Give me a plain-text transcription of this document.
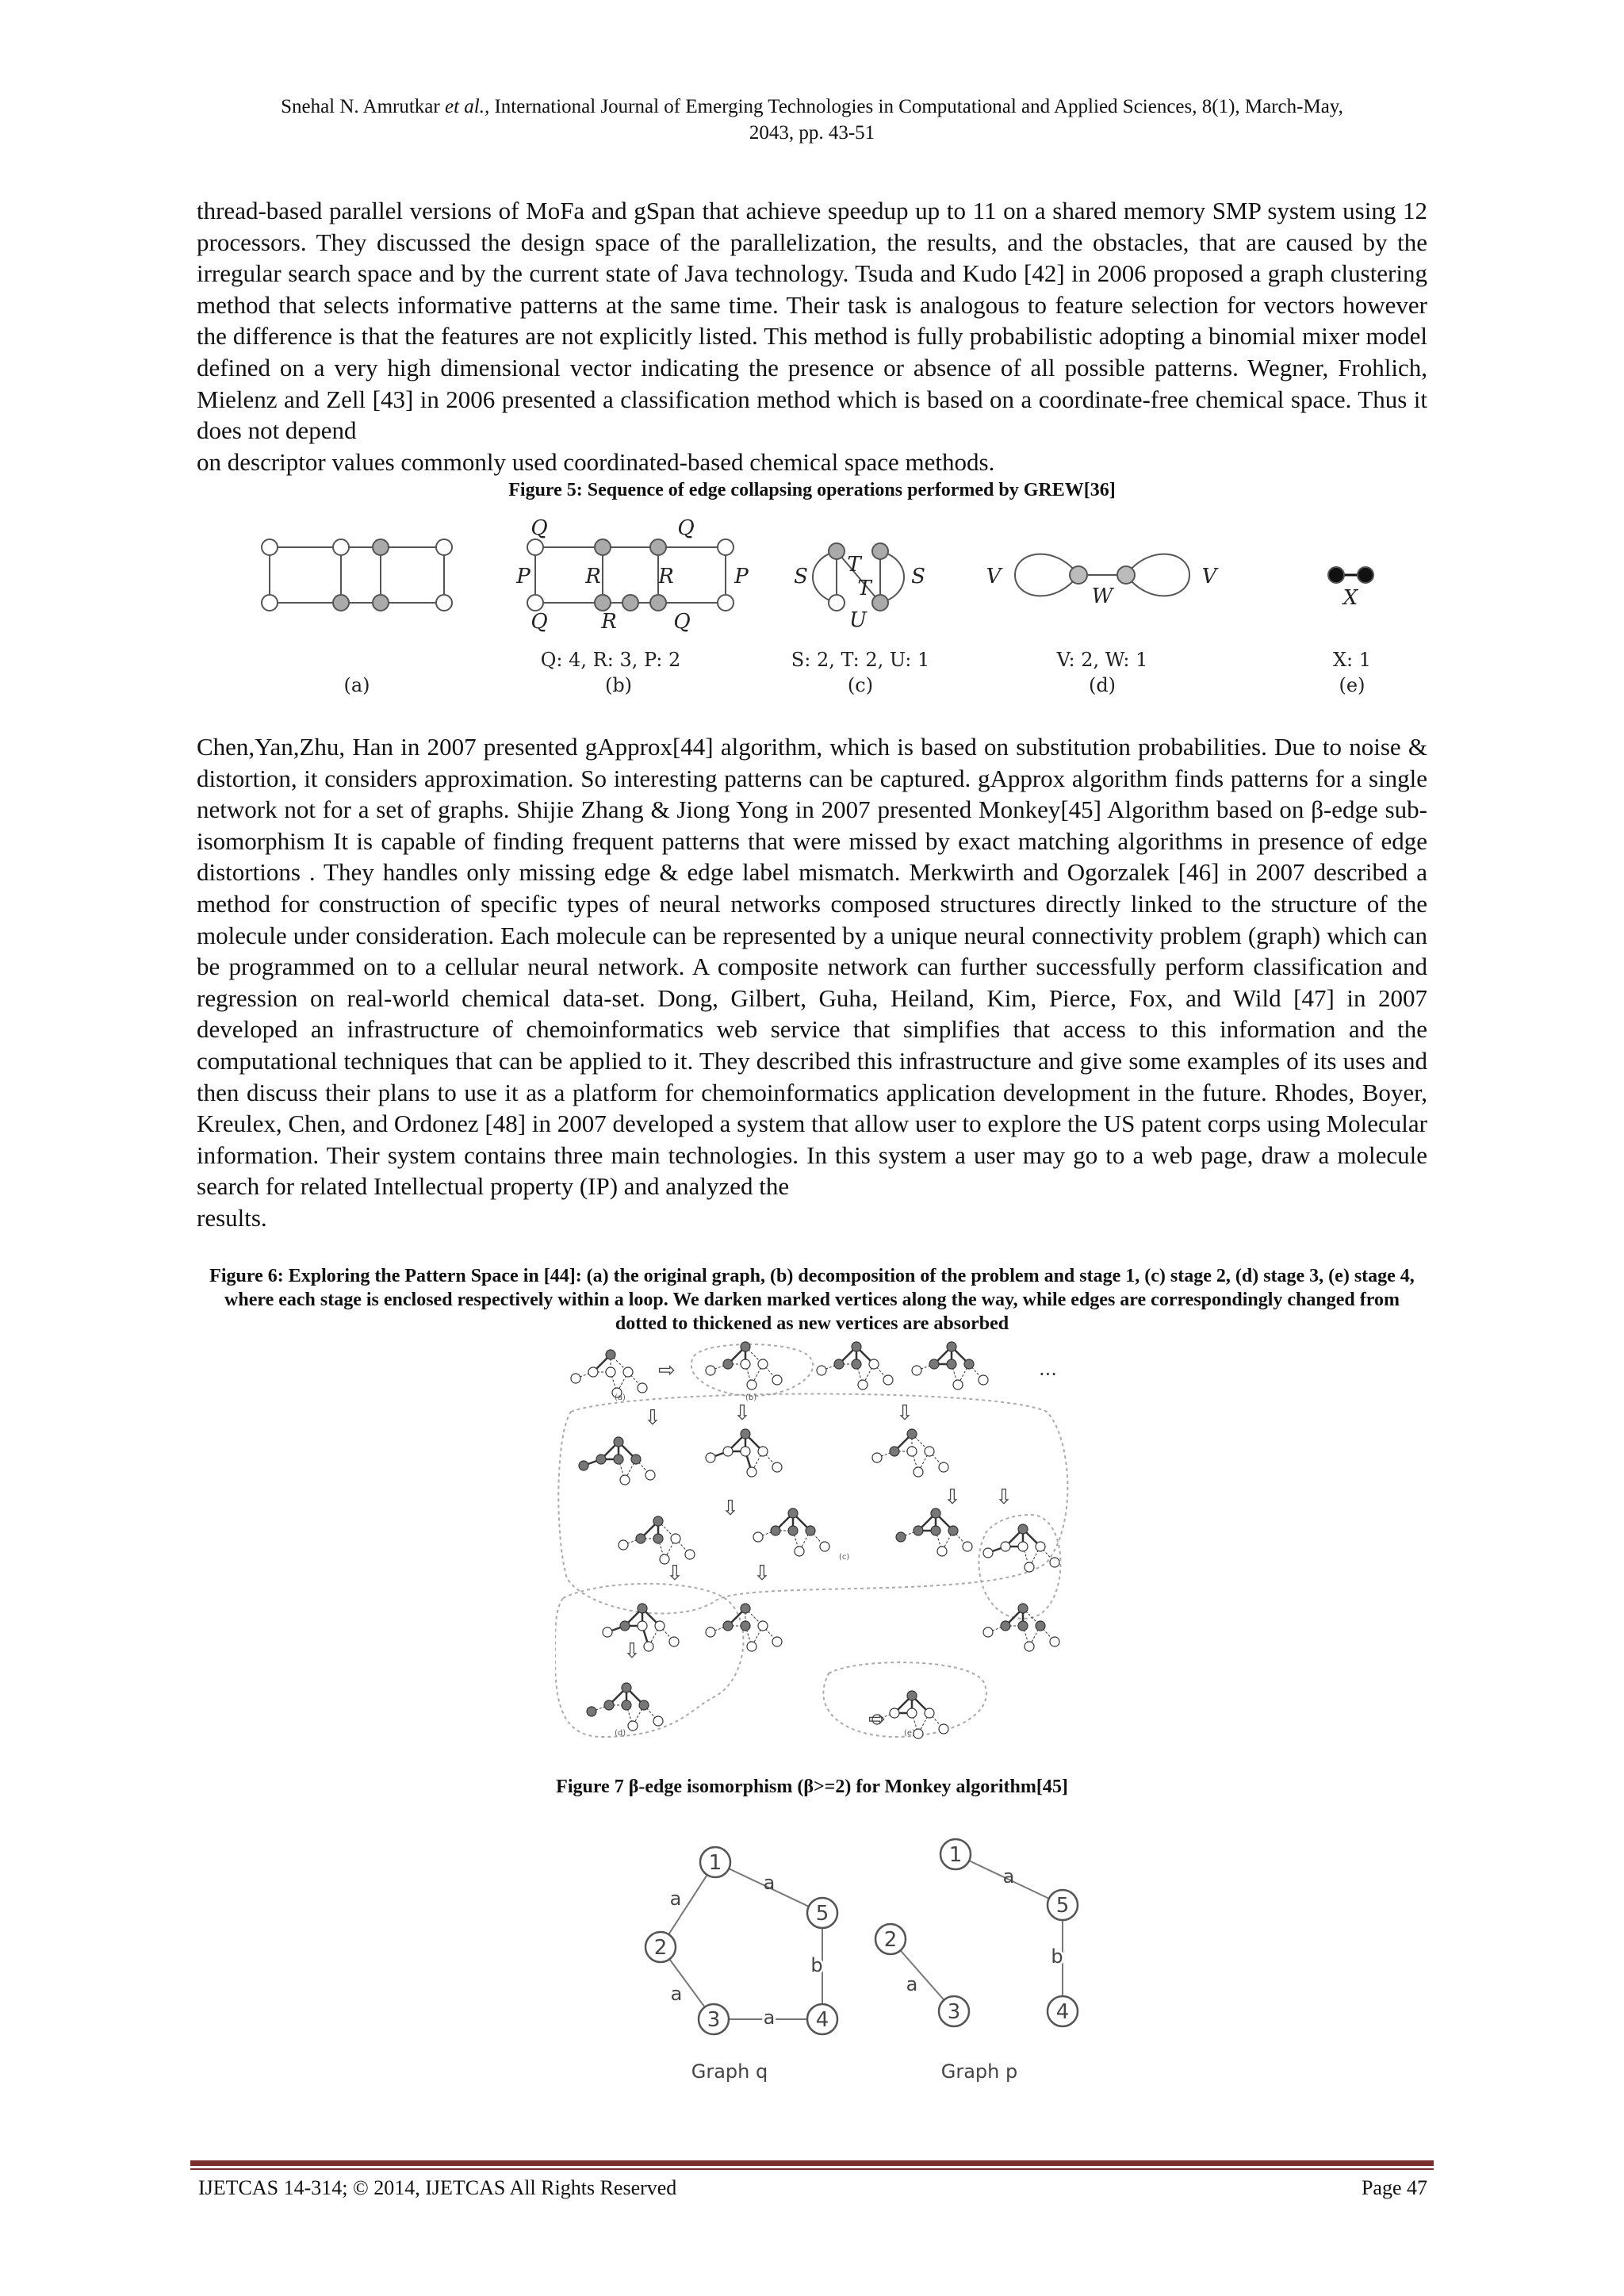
Snehal N. Amrutkar et al., International Journal of Emerging Technologies in Computational and Applied Sciences, 8(1), March-May,
2043, pp. 43-51

thread-based parallel versions of MoFa and gSpan that achieve speedup up to 11 on a shared memory SMP system using 12 processors. They discussed the design space of the parallelization, the results, and the obstacles, that are caused by the irregular search space and by the current state of Java technology. Tsuda and Kudo [42] in 2006 proposed a graph clustering method that selects informative patterns at the same time. Their task is analogous to feature selection for vectors however the difference is that the features are not explicitly listed. This method is fully probabilistic adopting a binomial mixer model defined on a very high dimensional vector indicating the presence or absence of all possible patterns. Wegner, Frohlich, Mielenz and Zell [43] in 2006 presented a classification method which is based on a coordinate-free chemical space. Thus it does not depend
on descriptor values commonly used coordinated-based chemical space methods.

Figure 5: Sequence of edge collapsing operations performed by GREW[36]
Q	Q
P	R	R	P
Q	R	Q
S T
T S
U
V
W
V
X
Q: 4, R: 3, P: 2	S: 2, T: 2, U: 1	V: 2, W: 1	X: 1
(a)	(b)	(c)	(d)	(e)

Chen,Yan,Zhu, Han in 2007 presented gApprox[44] algorithm, which is based on substitution probabilities. Due to noise & distortion, it considers approximation. So interesting patterns can be captured. gApprox algorithm finds patterns for a single network not for a set of graphs. Shijie Zhang & Jiong Yong in 2007 presented Monkey[45] Algorithm based on β-edge sub-isomorphism It is capable of finding frequent patterns that were missed by exact matching algorithms in presence of edge distortions . They handles only missing edge & edge label mismatch. Merkwirth and Ogorzalek [46] in 2007 described a method for construction of specific types of neural networks composed structures directly linked to the structure of the molecule under consideration. Each molecule can be represented by a unique neural connectivity problem (graph) which can be programmed on to a cellular neural network. A composite network can further successfully perform classification and regression on real-world chemical data-set. Dong, Gilbert, Guha, Heiland, Kim, Pierce, Fox, and Wild [47] in 2007 developed an infrastructure of chemoinformatics web service that simplifies that access to this information and the computational techniques that can be applied to it. They described this infrastructure and give some examples of its uses and then discuss their plans to use it as a platform for chemoinformatics application development in the future. Rhodes, Boyer, Kreulex, Chen, and Ordonez [48] in 2007 developed a system that allow user to explore the US patent corps using Molecular information. Their system contains three main technologies. In this system a user may go to a web page, draw a molecule search for related Intellectual property (IP) and analyzed the
results.

Figure 6: Exploring the Pattern Space in [44]: (a) the original graph, (b) decomposition of the problem and stage 1, (c) stage 2, (d) stage 3, (e) stage 4, where each stage is enclosed respectively within a loop. We darken marked vertices along the way, while edges are correspondingly changed from dotted to thickened as new vertices are absorbed
⇨
⇨
⇩	⇩	⇩
⇩	⇩ ⇩
⇩	⇩
⇩
...
(a)	(b)
(c)
(d)	(e)
Figure 7 β-edge isomorphism (β>=2) for Monkey algorithm[45]
1
2
3	4
5
1
2
3	4
5
a
a
a
b
a
a
a
b
Graph q	Graph p
IJETCAS 14-314; © 2014, IJETCAS All Rights Reserved	Page 47
